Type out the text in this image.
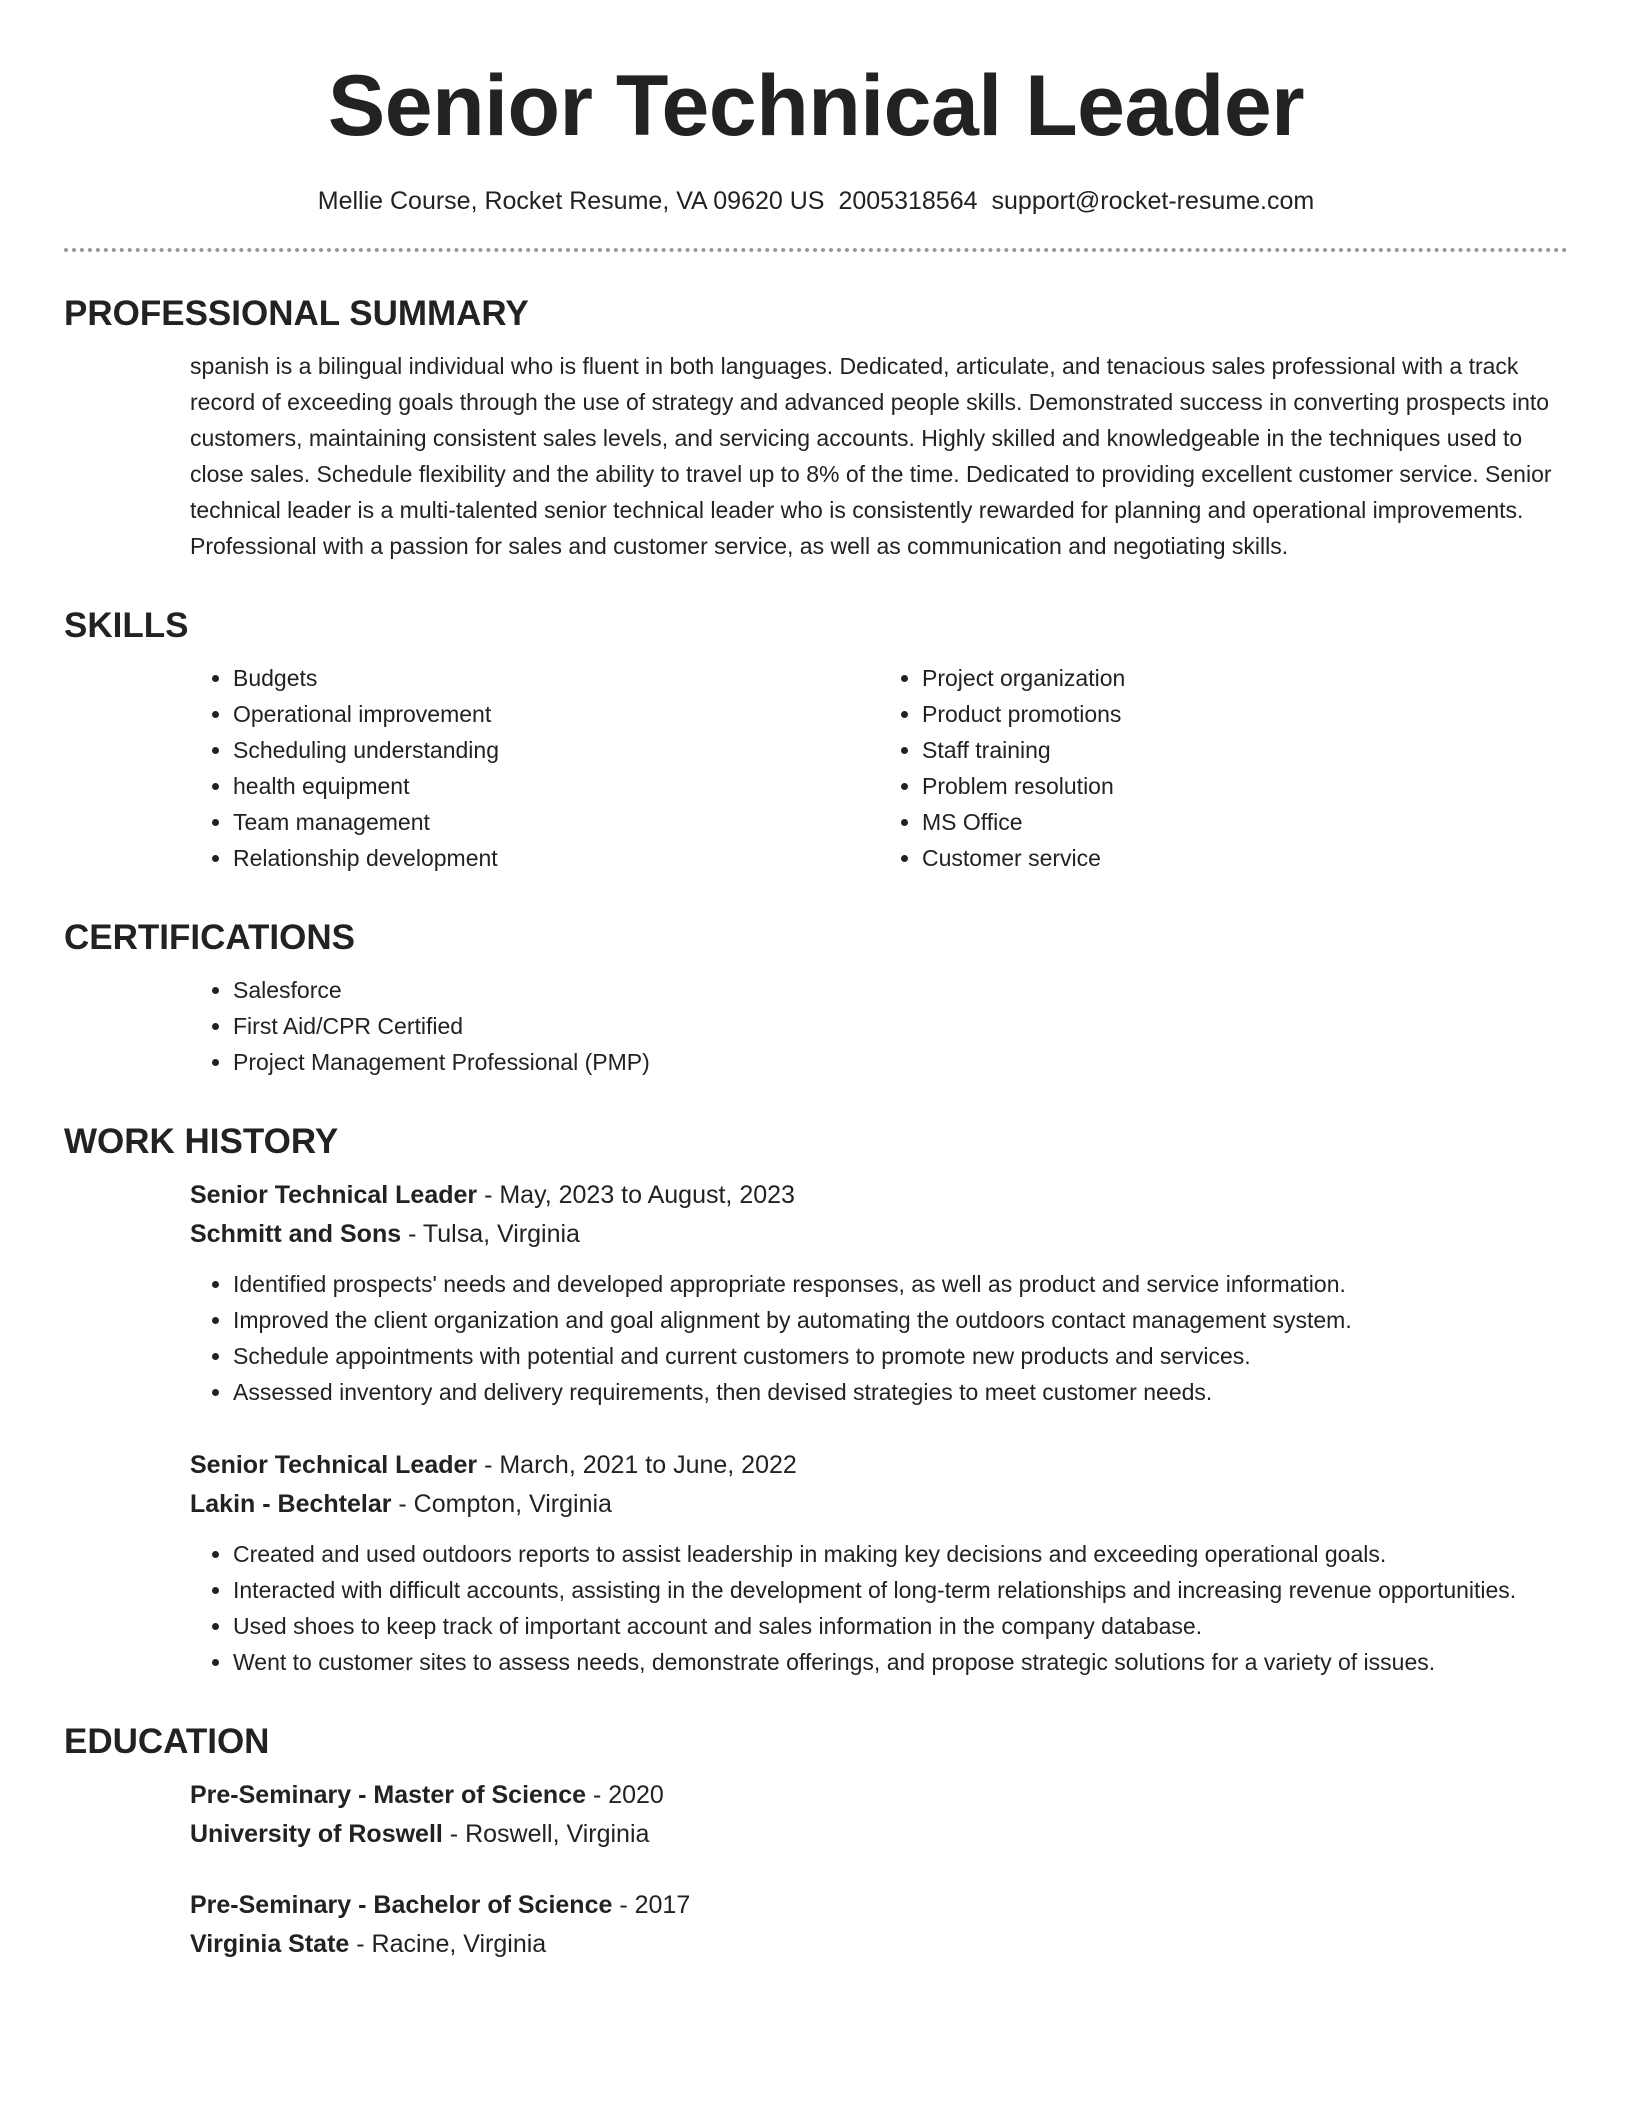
Senior Technical Leader
Mellie Course, Rocket Resume, VA 09620 US 2005318564 support@rocket-resume.com
PROFESSIONAL SUMMARY

spanish is a bilingual individual who is fluent in both languages. Dedicated, articulate, and tenacious sales professional with a track record of exceeding goals through the use of strategy and advanced people skills. Demonstrated success in converting prospects into customers, maintaining consistent sales levels, and servicing accounts. Highly skilled and knowledgeable in the techniques used to close sales. Schedule flexibility and the ability to travel up to 8% of the time. Dedicated to providing excellent customer service. Senior technical leader is a multi-talented senior technical leader who is consistently rewarded for planning and operational improvements. Professional with a passion for sales and customer service, as well as communication and negotiating skills.

SKILLS
• Budgets
• Operational improvement
• Scheduling understanding
• health equipment
• Team management
• Relationship development
• Project organization
• Product promotions
• Staff training
• Problem resolution
• MS Office
• Customer service
CERTIFICATIONS
• Salesforce
• First Aid/CPR Certified
• Project Management Professional (PMP)
WORK HISTORY
Senior Technical Leader - May, 2023 to August, 2023
Schmitt and Sons - Tulsa, Virginia
• Identified prospects' needs and developed appropriate responses, as well as product and service information.
• Improved the client organization and goal alignment by automating the outdoors contact management system.
• Schedule appointments with potential and current customers to promote new products and services.
• Assessed inventory and delivery requirements, then devised strategies to meet customer needs.
Senior Technical Leader - March, 2021 to June, 2022
Lakin - Bechtelar - Compton, Virginia
• Created and used outdoors reports to assist leadership in making key decisions and exceeding operational goals.
• Interacted with difficult accounts, assisting in the development of long-term relationships and increasing revenue opportunities.
• Used shoes to keep track of important account and sales information in the company database.
• Went to customer sites to assess needs, demonstrate offerings, and propose strategic solutions for a variety of issues.
EDUCATION
Pre-Seminary - Master of Science - 2020
University of Roswell - Roswell, Virginia
Pre-Seminary - Bachelor of Science - 2017
Virginia State - Racine, Virginia
